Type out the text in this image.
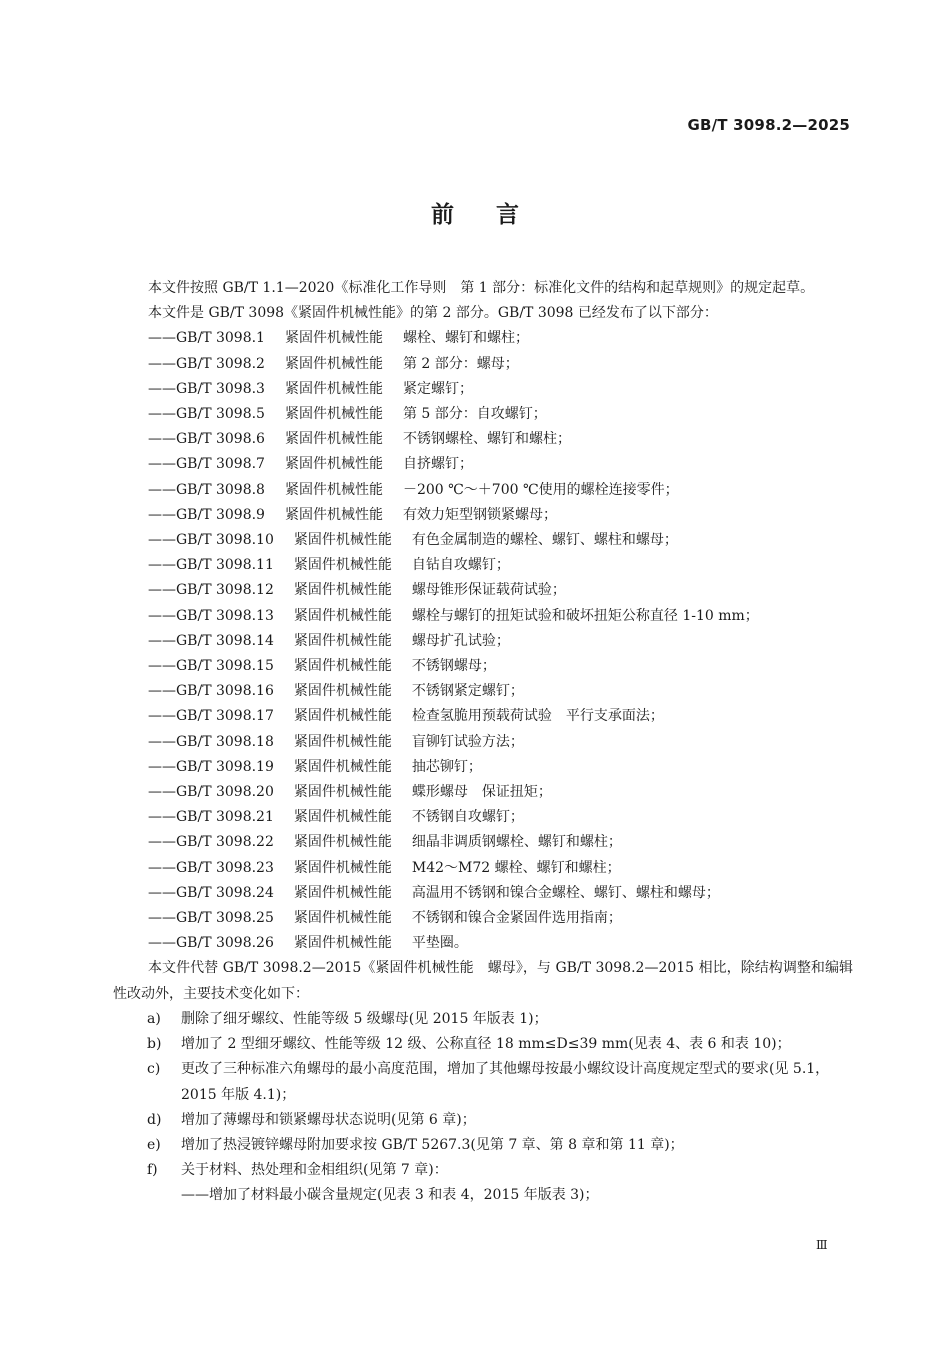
GB/T 3098.2—2025
前 言

本文件按照 GB/T 1.1—2020《标准化工作导则　第 1 部分：标准化文件的结构和起草规则》的规定起草。

本文件是 GB/T 3098《紧固件机械性能》的第 2 部分。GB/T 3098 已经发布了以下部分：

——GB/T 3098.1 紧固件机械性能 螺栓、螺钉和螺柱；
——GB/T 3098.2 紧固件机械性能 第 2 部分：螺母；
——GB/T 3098.3 紧固件机械性能 紧定螺钉；
——GB/T 3098.5 紧固件机械性能 第 5 部分：自攻螺钉；
——GB/T 3098.6 紧固件机械性能 不锈钢螺栓、螺钉和螺柱；
——GB/T 3098.7 紧固件机械性能 自挤螺钉；
——GB/T 3098.8 紧固件机械性能 －200 ℃～＋700 ℃使用的螺栓连接零件；
——GB/T 3098.9 紧固件机械性能 有效力矩型钢锁紧螺母；
——GB/T 3098.10 紧固件机械性能 有色金属制造的螺栓、螺钉、螺柱和螺母；
——GB/T 3098.11 紧固件机械性能 自钻自攻螺钉；
——GB/T 3098.12 紧固件机械性能 螺母锥形保证载荷试验；
——GB/T 3098.13 紧固件机械性能 螺栓与螺钉的扭矩试验和破坏扭矩公称直径 1-10 mm；
——GB/T 3098.14 紧固件机械性能 螺母扩孔试验；
——GB/T 3098.15 紧固件机械性能 不锈钢螺母；
——GB/T 3098.16 紧固件机械性能 不锈钢紧定螺钉；
——GB/T 3098.17 紧固件机械性能 检查氢脆用预载荷试验　平行支承面法；
——GB/T 3098.18 紧固件机械性能 盲铆钉试验方法；
——GB/T 3098.19 紧固件机械性能 抽芯铆钉；
——GB/T 3098.20 紧固件机械性能 蝶形螺母　保证扭矩；
——GB/T 3098.21 紧固件机械性能 不锈钢自攻螺钉；
——GB/T 3098.22 紧固件机械性能 细晶非调质钢螺栓、螺钉和螺柱；
——GB/T 3098.23 紧固件机械性能 M42～M72 螺栓、螺钉和螺柱；
——GB/T 3098.24 紧固件机械性能 高温用不锈钢和镍合金螺栓、螺钉、螺柱和螺母；
——GB/T 3098.25 紧固件机械性能 不锈钢和镍合金紧固件选用指南；
——GB/T 3098.26 紧固件机械性能 平垫圈。

本文件代替 GB/T 3098.2—2015《紧固件机械性能　螺母》，与 GB/T 3098.2—2015 相比，除结构调整和编辑性改动外，主要技术变化如下：

a) 删除了细牙螺纹、性能等级 5 级螺母(见 2015 年版表 1)；
b) 增加了 2 型细牙螺纹、性能等级 12 级、公称直径 18 mm≤D≤39 mm(见表 4、表 6 和表 10)；
c) 更改了三种标准六角螺母的最小高度范围，增加了其他螺母按最小螺纹设计高度规定型式的要求(见 5.1，2015 年版 4.1)；
d) 增加了薄螺母和锁紧螺母状态说明(见第 6 章)；
e) 增加了热浸镀锌螺母附加要求按 GB/T 5267.3(见第 7 章、第 8 章和第 11 章)；
f) 关于材料、热处理和金相组织(见第 7 章)：
——增加了材料最小碳含量规定(见表 3 和表 4，2015 年版表 3)；
Ⅲ
